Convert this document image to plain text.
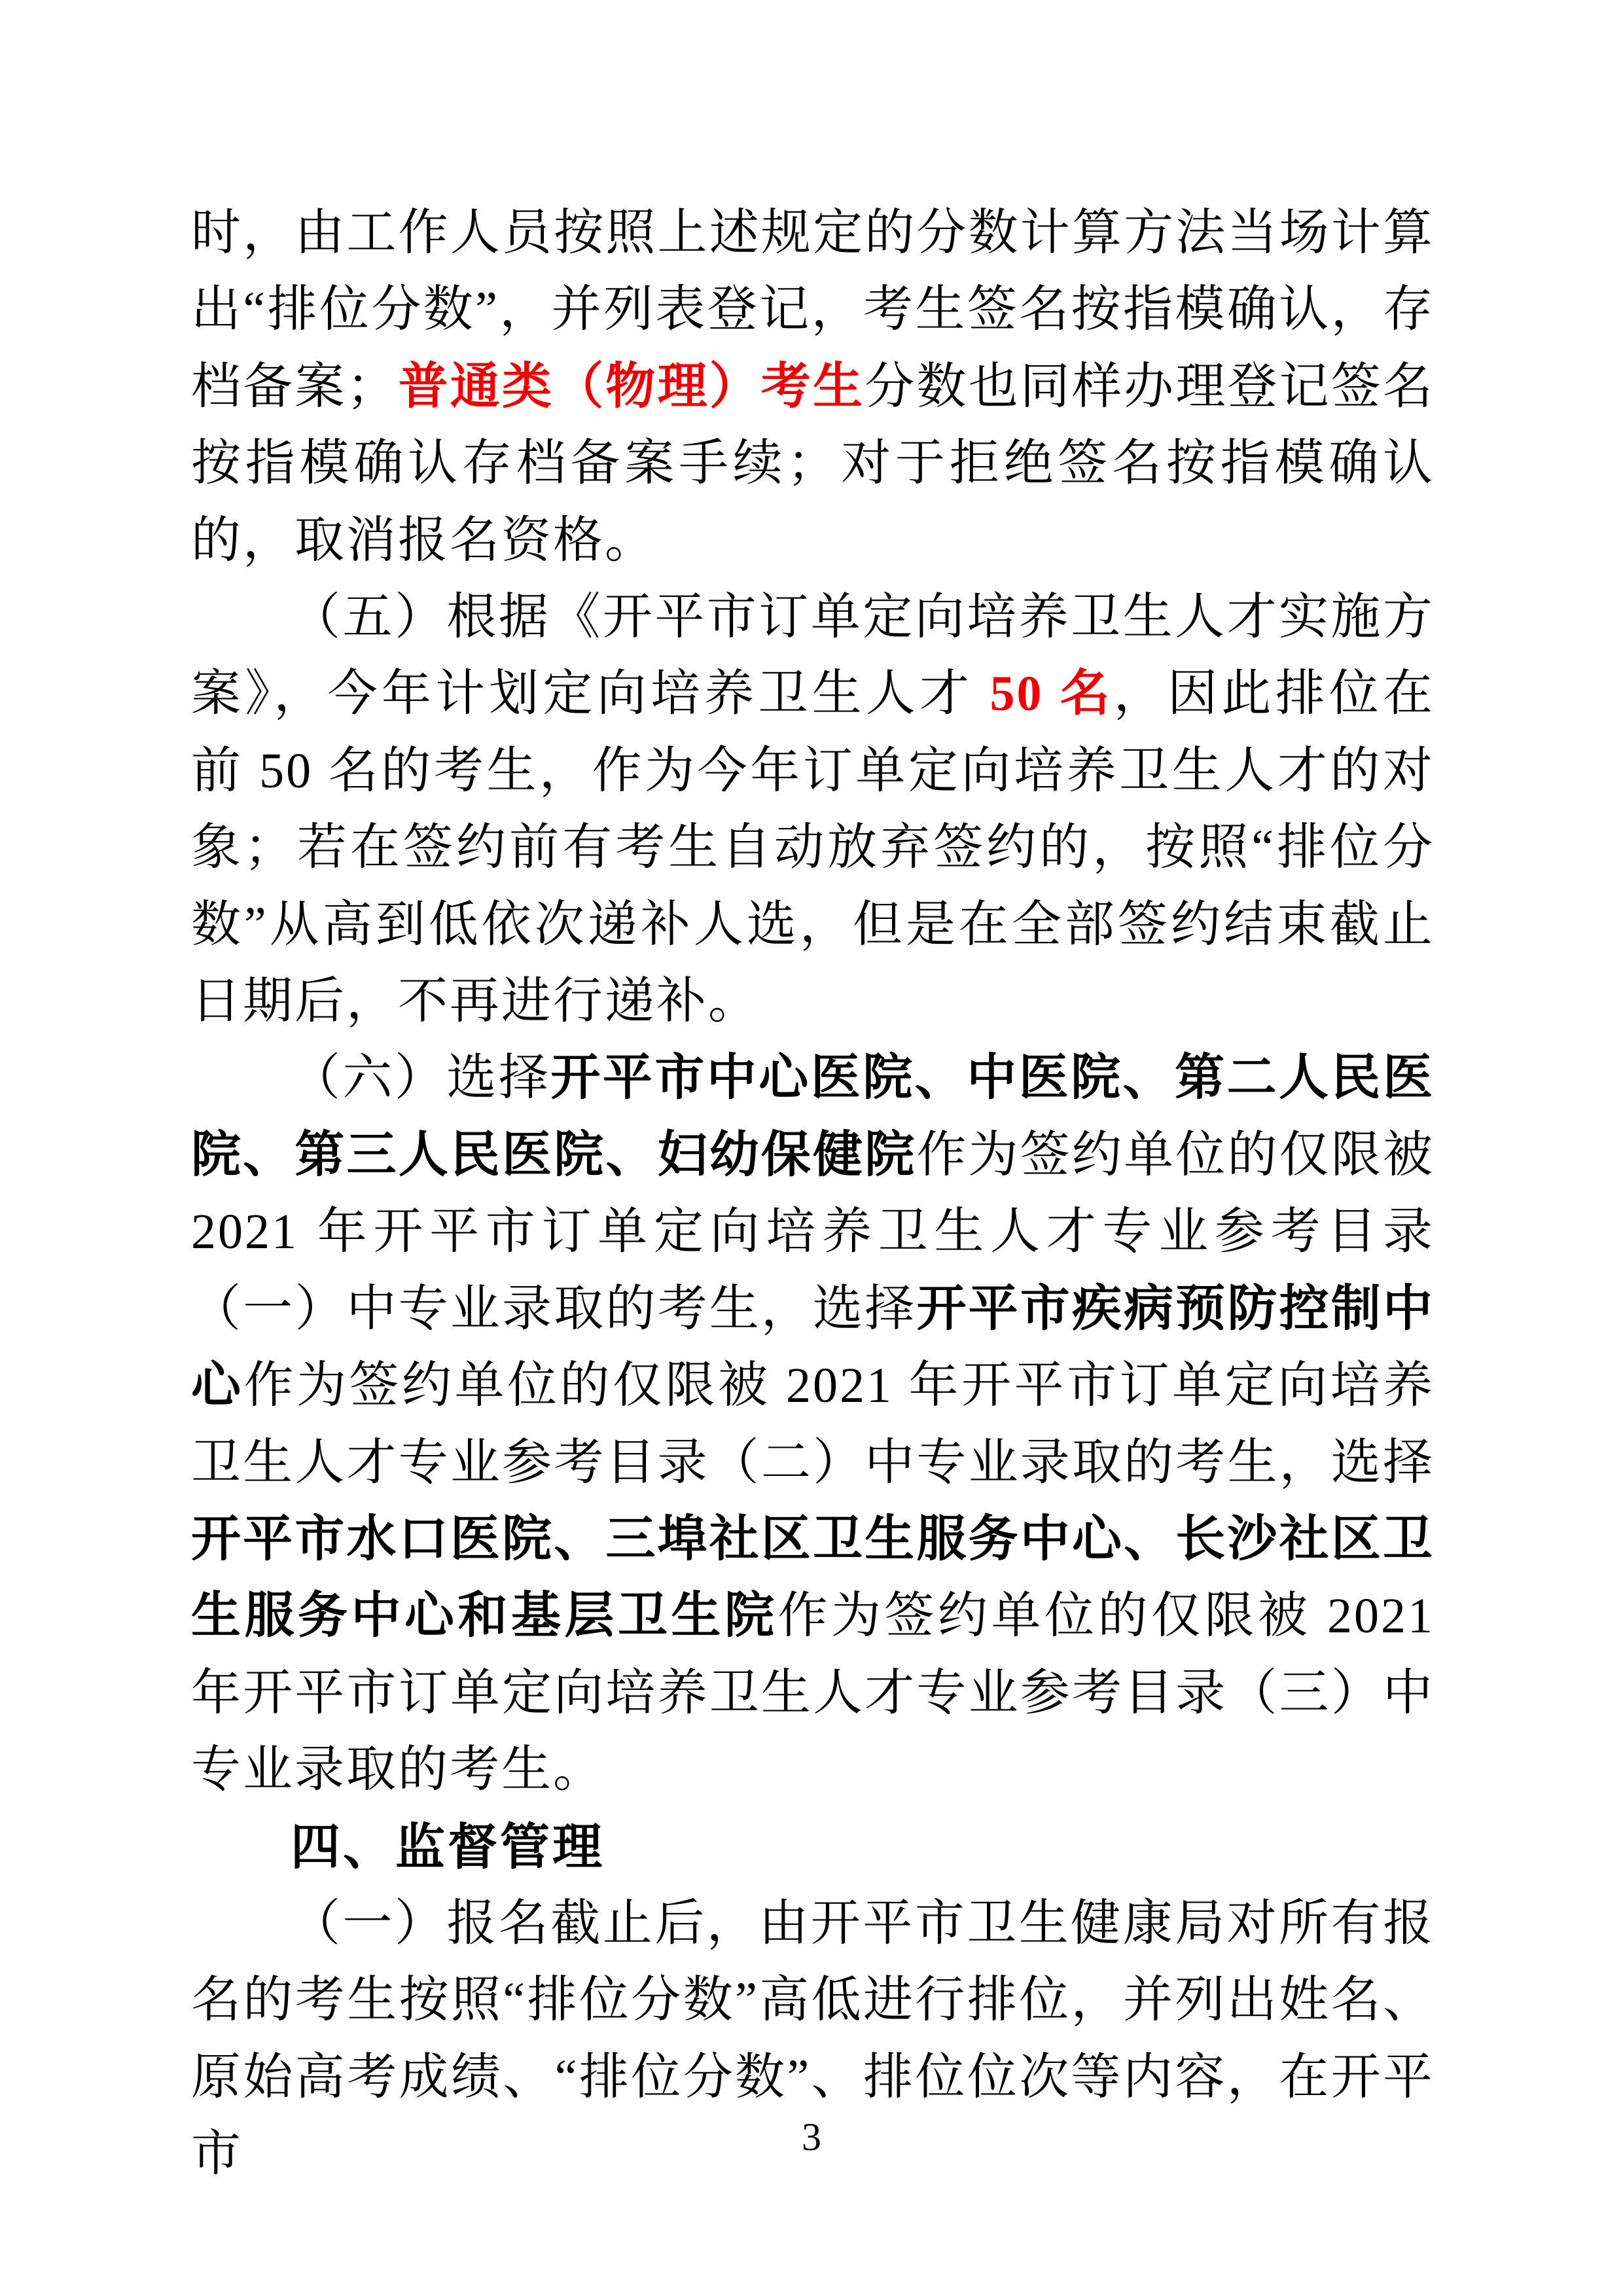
时，由工作人员按照上述规定的分数计算方法当场计算出“排位分数”，并列表登记，考生签名按指模确认，存档备案；普通类（物理）考生分数也同样办理登记签名按指模确认存档备案手续；对于拒绝签名按指模确认的，取消报名资格。

（五）根据《开平市订单定向培养卫生人才实施方案》，今年计划定向培养卫生人才 50 名，因此排位在前 50 名的考生，作为今年订单定向培养卫生人才的对象；若在签约前有考生自动放弃签约的，按照“排位分数”从高到低依次递补人选，但是在全部签约结束截止日期后，不再进行递补。

（六）选择开平市中心医院、中医院、第二人民医院、第三人民医院、妇幼保健院作为签约单位的仅限被 2021 年开平市订单定向培养卫生人才专业参考目录（一）中专业录取的考生，选择开平市疾病预防控制中心作为签约单位的仅限被 2021 年开平市订单定向培养卫生人才专业参考目录（二）中专业录取的考生，选择开平市水口医院、三埠社区卫生服务中心、长沙社区卫生服务中心和基层卫生院作为签约单位的仅限被 2021 年开平市订单定向培养卫生人才专业参考目录（三）中专业录取的考生。

四、监督管理

（一）报名截止后，由开平市卫生健康局对所有报名的考生按照“排位分数”高低进行排位，并列出姓名、原始高考成绩、“排位分数”、排位位次等内容，在开平市	3
